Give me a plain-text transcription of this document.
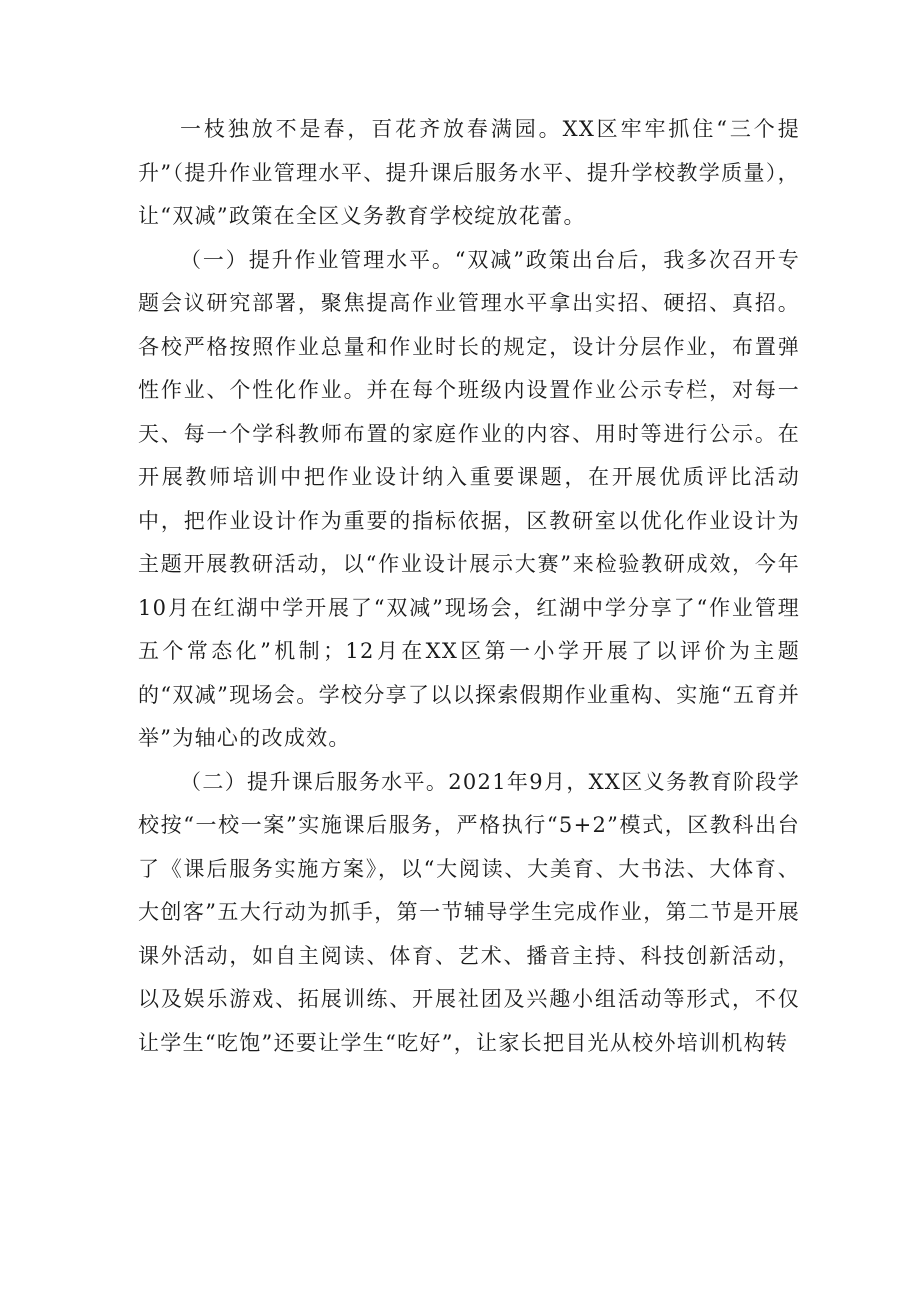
一枝独放不是春，百花齐放春满园。XX区牢牢抓住“三个提升”（提升作业管理水平、提升课后服务水平、提升学校教学质量），让“双减”政策在全区义务教育学校绽放花蕾。

（一）提升作业管理水平。“双减”政策出台后，我多次召开专题会议研究部署，聚焦提高作业管理水平拿出实招、硬招、真招。各校严格按照作业总量和作业时长的规定，设计分层作业，布置弹性作业、个性化作业。并在每个班级内设置作业公示专栏，对每一天、每一个学科教师布置的家庭作业的内容、用时等进行公示。在开展教师培训中把作业设计纳入重要课题，在开展优质评比活动中，把作业设计作为重要的指标依据，区教研室以优化作业设计为主题开展教研活动，以“作业设计展示大赛”来检验教研成效，今年10月在红湖中学开展了“双减”现场会，红湖中学分享了“作业管理五个常态化”机制；12月在XX区第一小学开展了以评价为主题的“双减”现场会。学校分享了以以探索假期作业重构、实施“五育并举”为轴心的改成效。

（二）提升课后服务水平。2021年9月，XX区义务教育阶段学校按“一校一案”实施课后服务，严格执行“5+2”模式，区教科出台了《课后服务实施方案》，以“大阅读、大美育、大书法、大体育、大创客”五大行动为抓手，第一节辅导学生完成作业，第二节是开展课外活动，如自主阅读、体育、艺术、播音主持、科技创新活动，以及娱乐游戏、拓展训练、开展社团及兴趣小组活动等形式，不仅让学生“吃饱”还要让学生“吃好”，让家长把目光从校外培训机构转
